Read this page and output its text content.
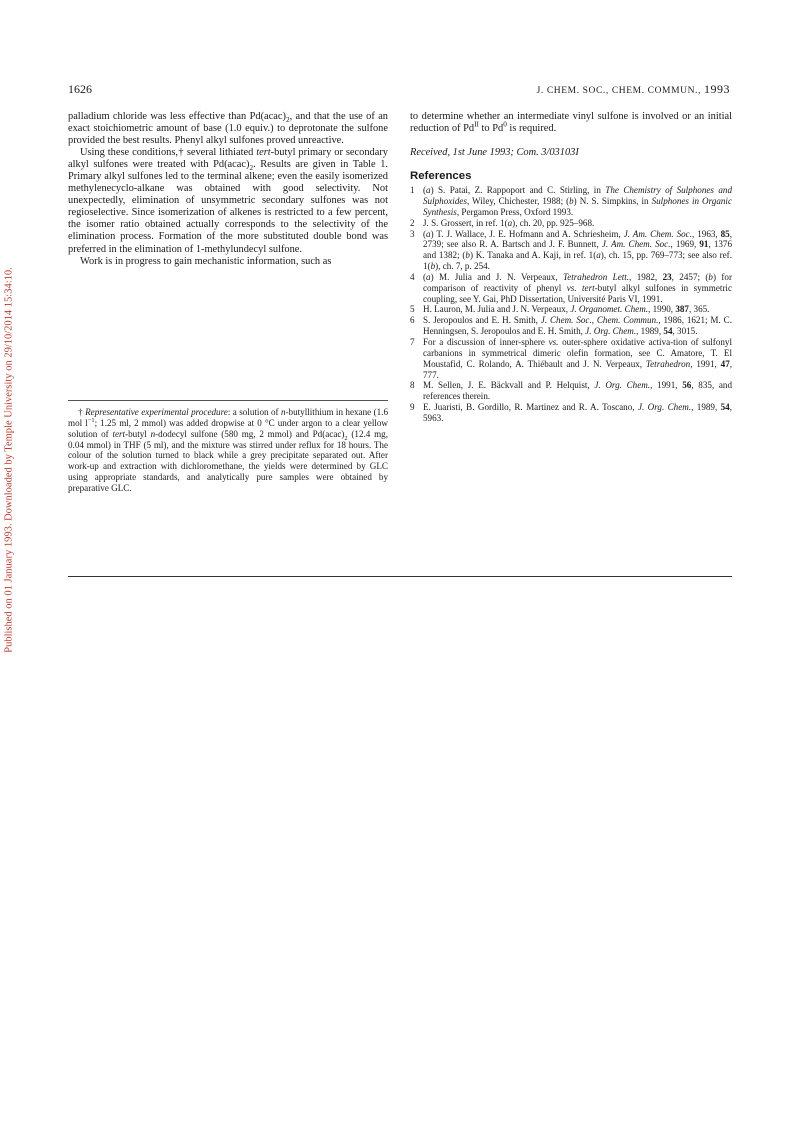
Published on 01 January 1993. Downloaded by Temple University on 29/10/2014 15:34:10.
1626	J. CHEM. SOC., CHEM. COMMUN., 1993

palladium chloride was less effective than $Pd(acac)_2$, and that the use of an exact stoichiometric amount of base (1.0 equiv.) to deprotonate the sulfone provided the best results. Phenyl alkyl sulfones proved unreactive.

Using these conditions,† several lithiated tert-butyl primary or secondary alkyl sulfones were treated with $Pd(acac)_2$. Results are given in Table 1. Primary alkyl sulfones led to the terminal alkene; even the easily isomerized methylenecyclo-alkane was obtained with good selectivity. Not unexpectedly, elimination of unsymmetric secondary sulfones was not regioselective. Since isomerization of alkenes is restricted to a few percent, the isomer ratio obtained actually corresponds to the selectivity of the elimination process. Formation of the more substituted double bond was preferred in the elimination of 1-methylundecyl sulfone.

Work is in progress to gain mechanistic information, such as

† Representative experimental procedure: a solution of n-butyllithium in hexane (1.6 mol $l^{-1}$; 1.25 ml, 2 mmol) was added dropwise at 0 °C under argon to a clear yellow solution of tert-butyl n-dodecyl sulfone (580 mg, 2 mmol) and $Pd(acac)_2$ (12.4 mg, 0.04 mmol) in THF (5 ml), and the mixture was stirred under reflux for 18 hours. The colour of the solution turned to black while a grey precipitate separated out. After work-up and extraction with dichloromethane, the yields were determined by GLC using appropriate standards, and analytically pure samples were obtained by preparative GLC.

to determine whether an intermediate vinyl sulfone is involved or an initial reduction of $Pd^{II}$ to Pd$^0$ is required.

Received, 1st June 1993; Com. 3/03103I

References

1 (a) S. Patai, Z. Rappoport and C. Stirling, in The Chemistry of Sulphones and Sulphoxides, Wiley, Chichester, 1988; (b) N. S. Simpkins, in Sulphones in Organic Synthesis, Pergamon Press, Oxford 1993.
2 J. S. Grossert, in ref. 1(a), ch. 20, pp. 925–968.
3 (a) T. J. Wallace, J. E. Hofmann and A. Schriesheim, J. Am. Chem. Soc., 1963, 85, 2739; see also R. A. Bartsch and J. F. Bunnett, J. Am. Chem. Soc., 1969, 91, 1376 and 1382; (b) K. Tanaka and A. Kaji, in ref. 1(a), ch. 15, pp. 769–773; see also ref. 1(b), ch. 7, p. 254.
4 (a) M. Julia and J. N. Verpeaux, Tetrahedron Lett., 1982, 23, 2457; (b) for comparison of reactivity of phenyl vs. tert-butyl alkyl sulfones in symmetric coupling, see Y. Gai, PhD Dissertation, Université Paris VI, 1991.
5 H. Lauron, M. Julia and J. N. Verpeaux, J. Organomet. Chem., 1990, 387, 365.
6 S. Jeropoulos and E. H. Smith, J. Chem. Soc., Chem. Commun., 1986, 1621; M. C. Henningsen, S. Jeropoulos and E. H. Smith, J. Org. Chem., 1989, 54, 3015.
7 For a discussion of inner-sphere vs. outer-sphere oxidative activa-tion of sulfonyl carbanions in symmetrical dimeric olefin formation, see C. Amatore, T. El Moustafid, C. Rolando, A. Thiébault and J. N. Verpeaux, Tetrahedron, 1991, 47, 777.
8 M. Sellen, J. E. Bäckvall and P. Helquist, J. Org. Chem., 1991, 56, 835, and references therein.
9 E. Juaristi, B. Gordillo, R. Martinez and R. A. Toscano, J. Org. Chem., 1989, 54, 5963.
